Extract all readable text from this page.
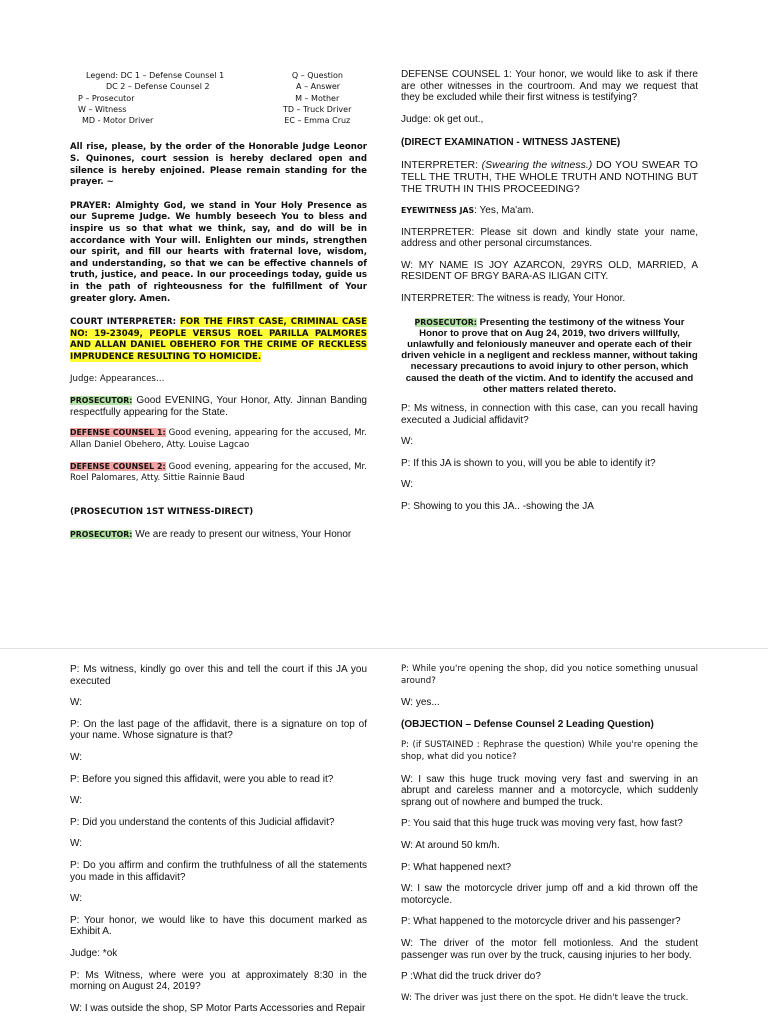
Legend: DC 1 – Defense Counsel 1	Q – Question
DC 2 – Defense Counsel 2	A – Answer
P – Prosecutor	M – Mother
W – Witness	TD – Truck Driver
MD - Motor Driver	EC – Emma Cruz

All rise, please, by the order of the Honorable Judge Leonor S. Quinones, court session is hereby declared open and silence is hereby enjoined. Please remain standing for the prayer. ~

PRAYER: Almighty God, we stand in Your Holy Presence as our Supreme Judge. We humbly beseech You to bless and inspire us so that what we think, say, and do will be in accordance with Your will. Enlighten our minds, strengthen our spirit, and fill our hearts with fraternal love, wisdom, and understanding, so that we can be effective channels of truth, justice, and peace. In our proceedings today, guide us in the path of righteousness for the fulfillment of Your greater glory. Amen.

COURT INTERPRETER: FOR THE FIRST CASE, CRIMINAL CASE NO: 19-23049, PEOPLE VERSUS ROEL PARILLA PALMORES AND ALLAN DANIEL OBEHERO FOR THE CRIME OF RECKLESS IMPRUDENCE RESULTING TO HOMICIDE.

Judge: Appearances…

PROSECUTOR: Good EVENING, Your Honor, Atty. Jinnan Banding respectfully appearing for the State.

DEFENSE COUNSEL 1: Good evening, appearing for the accused, Mr. Allan Daniel Obehero, Atty. Louise Lagcao

DEFENSE COUNSEL 2: Good evening, appearing for the accused, Mr. Roel Palomares, Atty. Sittie Rainnie Baud

(PROSECUTION 1ST WITNESS-DIRECT)

PROSECUTOR: We are ready to present our witness, Your Honor

DEFENSE COUNSEL 1: Your honor, we would like to ask if there are other witnesses in the courtroom. And may we request that they be excluded while their first witness is testifying?

Judge: ok get out.,

(DIRECT EXAMINATION - WITNESS JASTENE)

INTERPRETER: (Swearing the witness.) DO YOU SWEAR TO TELL THE TRUTH, THE WHOLE TRUTH AND NOTHING BUT THE TRUTH IN THIS PROCEEDING?

EYEWITNESS JAS: Yes, Ma'am.

INTERPRETER: Please sit down and kindly state your name, address and other personal circumstances.

W: MY NAME IS JOY AZARCON, 29YRS OLD, MARRIED, A RESIDENT OF BRGY BARA-AS ILIGAN CITY.

INTERPRETER: The witness is ready, Your Honor.

PROSECUTOR: Presenting the testimony of the witness Your Honor to prove that on Aug 24, 2019, two drivers willfully, unlawfully and feloniously maneuver and operate each of their driven vehicle in a negligent and reckless manner, without taking necessary precautions to avoid injury to other person, which caused the death of the victim. And to identify the accused and other matters related thereto.

P: Ms witness, in connection with this case, can you recall having executed a Judicial affidavit?

W:

P: If this JA is shown to you, will you be able to identify it?

W:

P: Showing to you this JA.. -showing the JA

P: Ms witness, kindly go over this and tell the court if this JA you executed

W:

P: On the last page of the affidavit, there is a signature on top of your name. Whose signature is that?

W:

P: Before you signed this affidavit, were you able to read it?

W:

P: Did you understand the contents of this Judicial affidavit?

W:

P: Do you affirm and confirm the truthfulness of all the statements you made in this affidavit?

W:

P: Your honor, we would like to have this document marked as Exhibit A.

Judge: *ok

P: Ms Witness, where were you at approximately 8:30 in the morning on August 24, 2019?

W: I was outside the shop, SP Motor Parts Accessories and Repair

P: While you're opening the shop, did you notice something unusual around?

W: yes...

(OBJECTION – Defense Counsel 2 Leading Question)

P: (if SUSTAINED : Rephrase the question) While you're opening the shop, what did you notice?

W: I saw this huge truck moving very fast and swerving in an abrupt and careless manner and a motorcycle, which suddenly sprang out of nowhere and bumped the truck.

P: You said that this huge truck was moving very fast, how fast?

W: At around 50 km/h.

P: What happened next?

W: I saw the motorcycle driver jump off and a kid thrown off the motorcycle.

P: What happened to the motorcycle driver and his passenger?

W: The driver of the motor fell motionless. And the student passenger was run over by the truck, causing injuries to her body.

P :What did the truck driver do?

W: The driver was just there on the spot. He didn't leave the truck.
